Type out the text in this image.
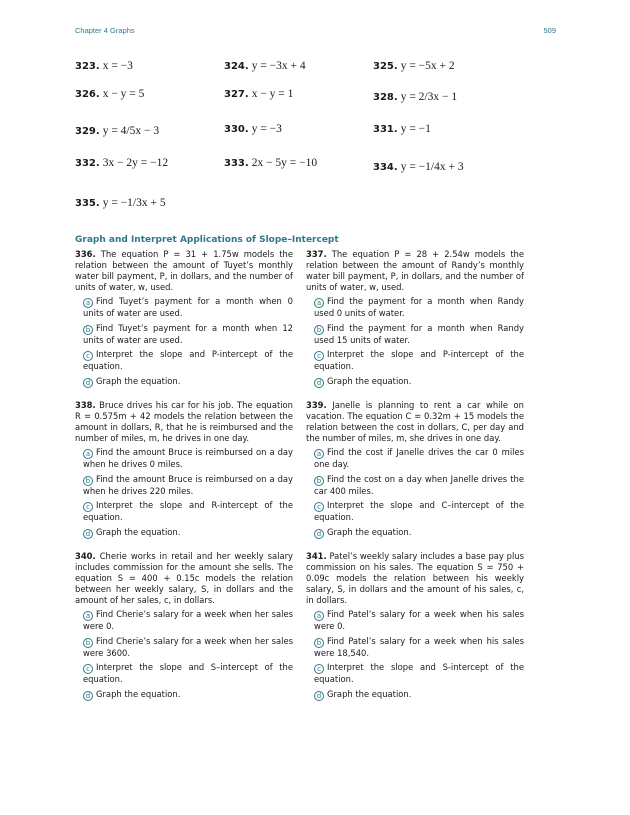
Chapter 4 Graphs	509
323. x = −3	324. y = −3x + 4	325. y = −5x + 2
326. x − y = 5	327. x − y = 1	328. y = 2/3x − 1
329. y = 4/5x − 3	330. y = −3	331. y = −1
332. 3x − 2y = −12	333. 2x − 5y = −10	334. y = −1/4x + 3
335. y = −1/3x + 5
Graph and Interpret Applications of Slope–Intercept
336. The equation P = 31 + 1.75w models the relation between the amount of Tuyet’s monthly water bill payment, P, in dollars, and the number of units of water, w, used.
a Find Tuyet’s payment for a month when 0 units of water are used.
b Find Tuyet’s payment for a month when 12 units of water are used.
c Interpret the slope and P-intercept of the equation.
d Graph the equation.
337. The equation P = 28 + 2.54w models the relation between the amount of Randy’s monthly water bill payment, P, in dollars, and the number of units of water, w, used.
a Find the payment for a month when Randy used 0 units of water.
b Find the payment for a month when Randy used 15 units of water.
c Interpret the slope and P-intercept of the equation.
d Graph the equation.
338. Bruce drives his car for his job. The equation R = 0.575m + 42 models the relation between the amount in dollars, R, that he is reimbursed and the number of miles, m, he drives in one day.
a Find the amount Bruce is reimbursed on a day when he drives 0 miles.
b Find the amount Bruce is reimbursed on a day when he drives 220 miles.
c Interpret the slope and R-intercept of the equation.
d Graph the equation.
339. Janelle is planning to rent a car while on vacation. The equation C = 0.32m + 15 models the relation between the cost in dollars, C, per day and the number of miles, m, she drives in one day.
a Find the cost if Janelle drives the car 0 miles one day.
b Find the cost on a day when Janelle drives the car 400 miles.
c Interpret the slope and C–intercept of the equation.
d Graph the equation.
340. Cherie works in retail and her weekly salary includes commission for the amount she sells. The equation S = 400 + 0.15c models the relation between her weekly salary, S, in dollars and the amount of her sales, c, in dollars.
a Find Cherie’s salary for a week when her sales were 0.
b Find Cherie’s salary for a week when her sales were 3600.
c Interpret the slope and S–intercept of the equation.
d Graph the equation.
341. Patel’s weekly salary includes a base pay plus commission on his sales. The equation S = 750 + 0.09c models the relation between his weekly salary, S, in dollars and the amount of his sales, c, in dollars.
a Find Patel’s salary for a week when his sales were 0.
b Find Patel’s salary for a week when his sales were 18,540.
c Interpret the slope and S-intercept of the equation.
d Graph the equation.
